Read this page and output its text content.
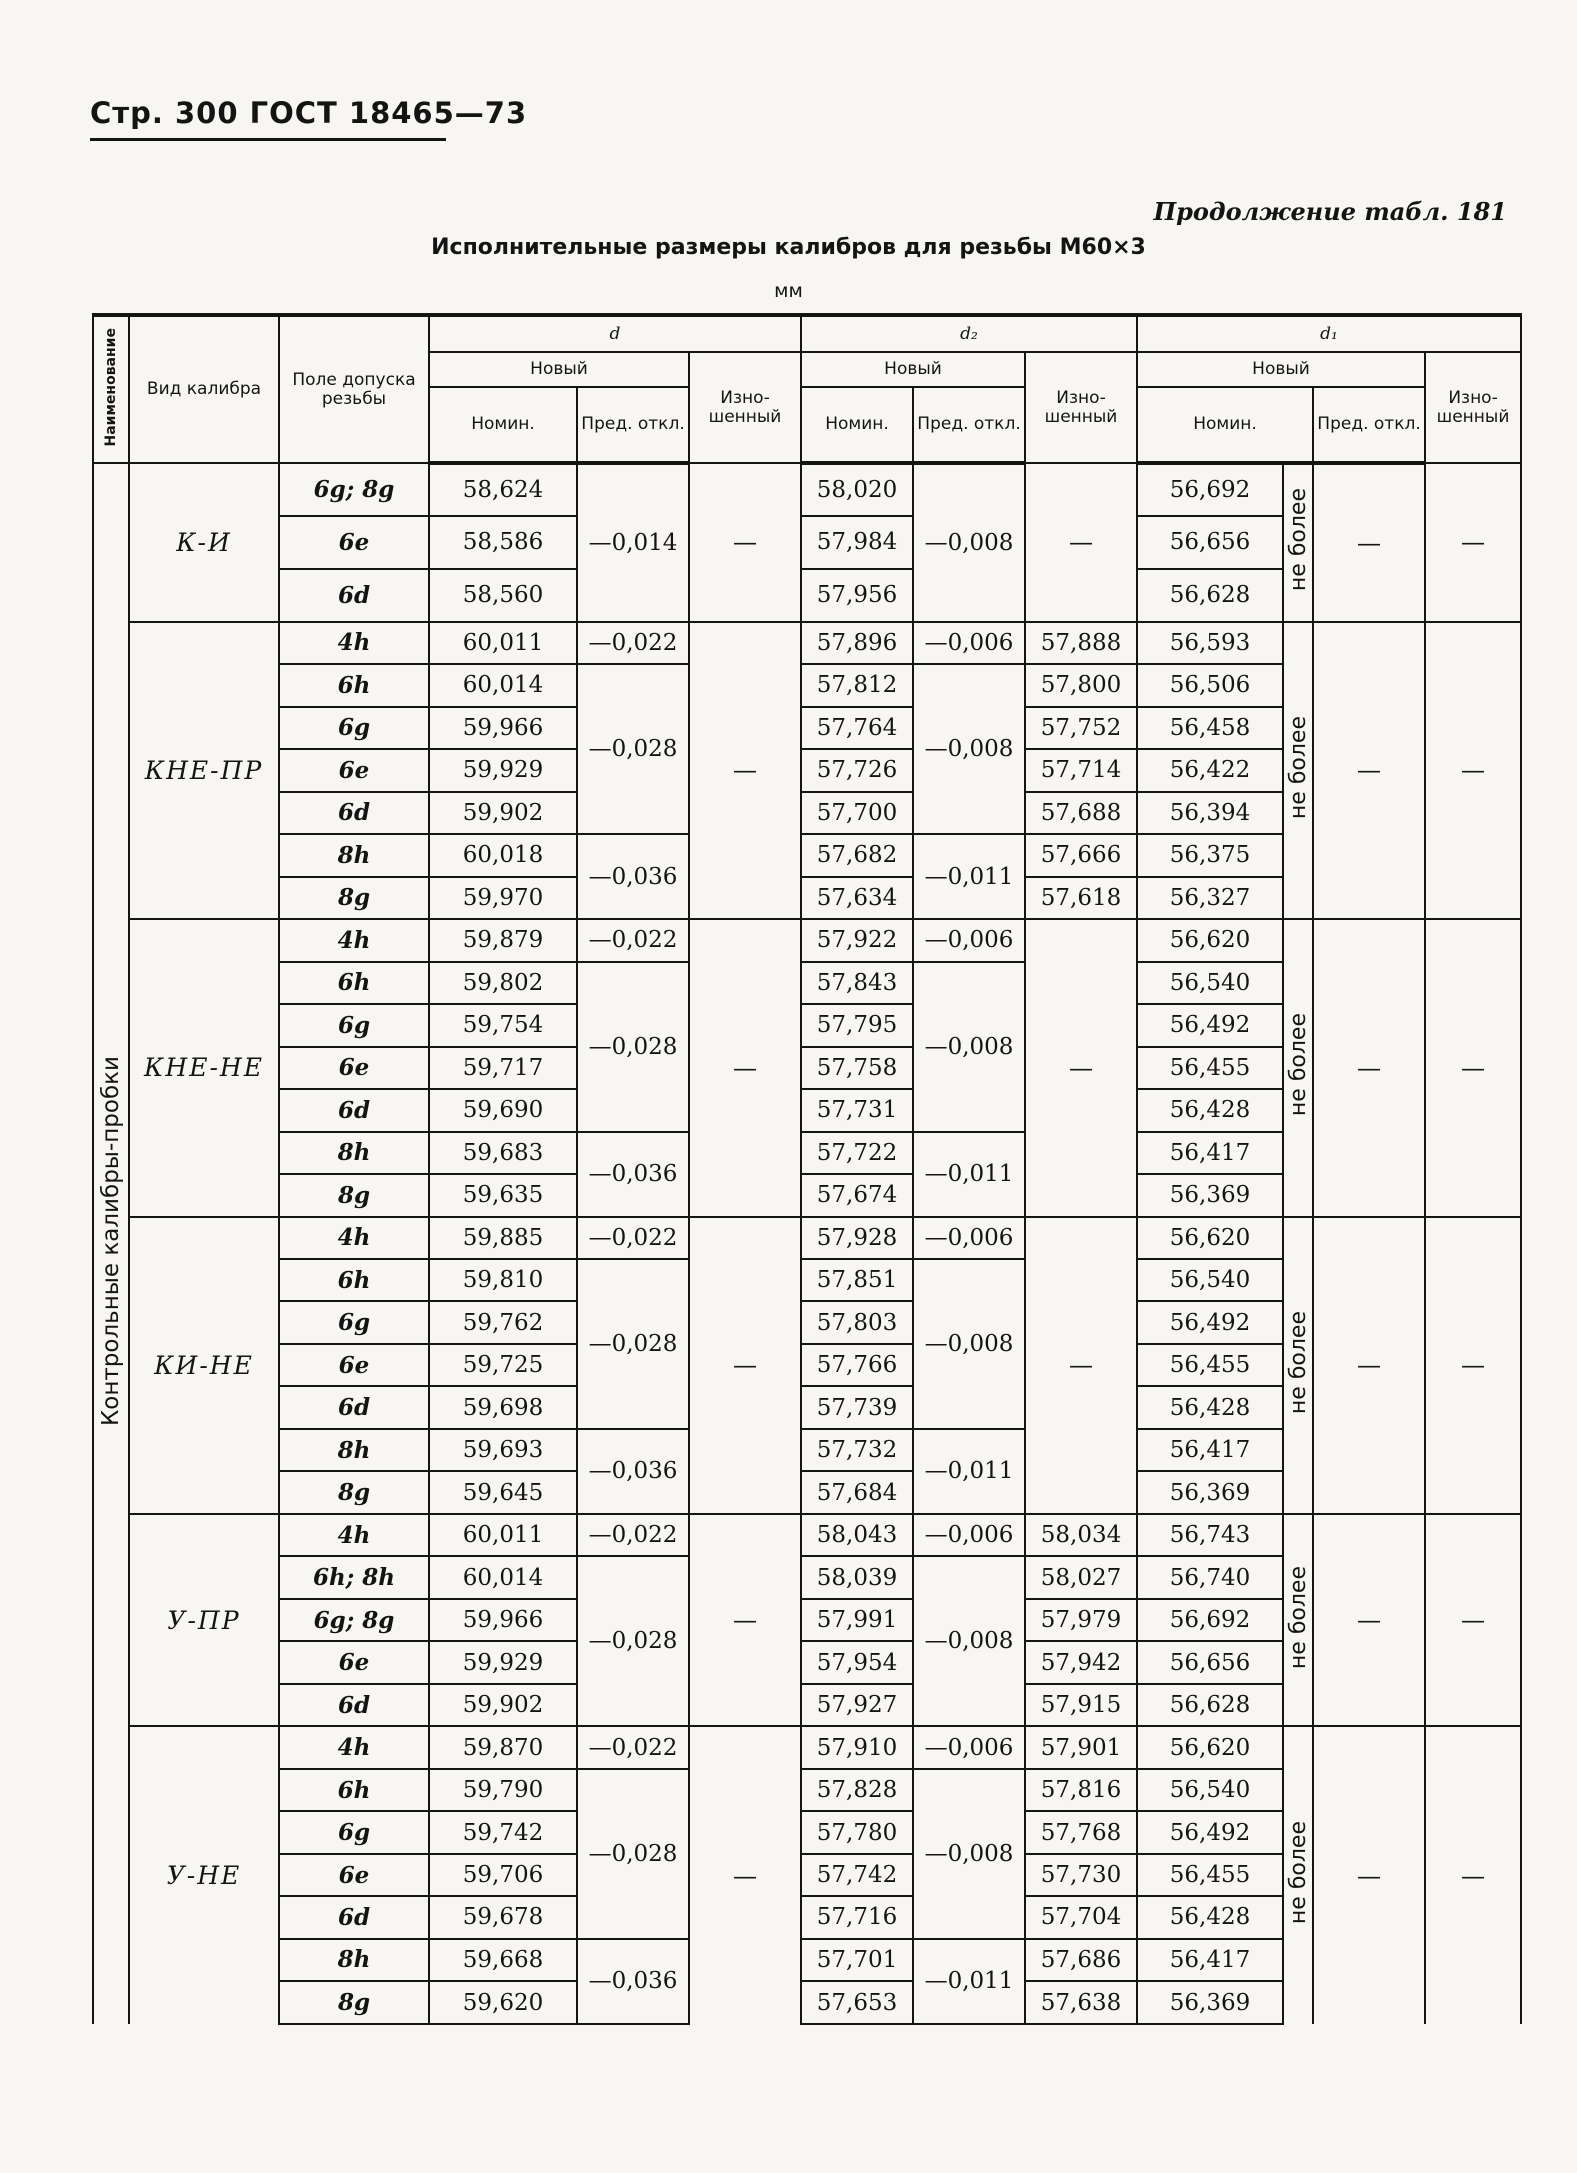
Стр. 300 ГОСТ 18465—73
Продолжение табл. 181
Исполнительные размеры калибров для резьбы М60×3
мм
Наименование	Вид калибра	Поле допуска резьбы	d			d₂			d₁			
			Новый		Изно-шенный	Новый		Изно-шенный	Новый			Изно-шенный
			Номин.	Пред. откл.		Номин.	Пред. откл.		Номин.		Пред. откл.	
Контрольные калибры-пробки	К-И	6g; 8g	58,624	—0,014	—	58,020	—0,008	—	56,692	не более	—	—
		6e	58,586			57,984			56,656			
		6d	58,560			57,956			56,628			
	КНЕ-ПР	4h	60,011	—0,022	—	57,896	—0,006	57,888	56,593	не более	—	—
		6h	60,014	—0,028		57,812	—0,008	57,800	56,506			
		6g	59,966			57,764		57,752	56,458			
		6e	59,929			57,726		57,714	56,422			
		6d	59,902			57,700		57,688	56,394			
		8h	60,018	—0,036		57,682	—0,011	57,666	56,375			
		8g	59,970			57,634		57,618	56,327			
	КНЕ-НЕ	4h	59,879	—0,022	—	57,922	—0,006	—	56,620	не более	—	—
		6h	59,802	—0,028		57,843	—0,008		56,540			
		6g	59,754			57,795			56,492			
		6e	59,717			57,758			56,455			
		6d	59,690			57,731			56,428			
		8h	59,683	—0,036		57,722	—0,011		56,417			
		8g	59,635			57,674			56,369			
	КИ-НЕ	4h	59,885	—0,022	—	57,928	—0,006	—	56,620	не более	—	—
		6h	59,810	—0,028		57,851	—0,008		56,540			
		6g	59,762			57,803			56,492			
		6e	59,725			57,766			56,455			
		6d	59,698			57,739			56,428			
		8h	59,693	—0,036		57,732	—0,011		56,417			
		8g	59,645			57,684			56,369			
	У-ПР	4h	60,011	—0,022	—	58,043	—0,006	58,034	56,743	не более	—	—
		6h; 8h	60,014	—0,028		58,039	—0,008	58,027	56,740			
		6g; 8g	59,966			57,991		57,979	56,692			
		6e	59,929			57,954		57,942	56,656			
		6d	59,902			57,927		57,915	56,628			
	У-НЕ	4h	59,870	—0,022	—	57,910	—0,006	57,901	56,620	не более	—	—
		6h	59,790	—0,028		57,828	—0,008	57,816	56,540			
		6g	59,742			57,780		57,768	56,492			
		6e	59,706			57,742		57,730	56,455			
		6d	59,678			57,716		57,704	56,428			
		8h	59,668	—0,036		57,701	—0,011	57,686	56,417			
		8g	59,620			57,653		57,638	56,369			
